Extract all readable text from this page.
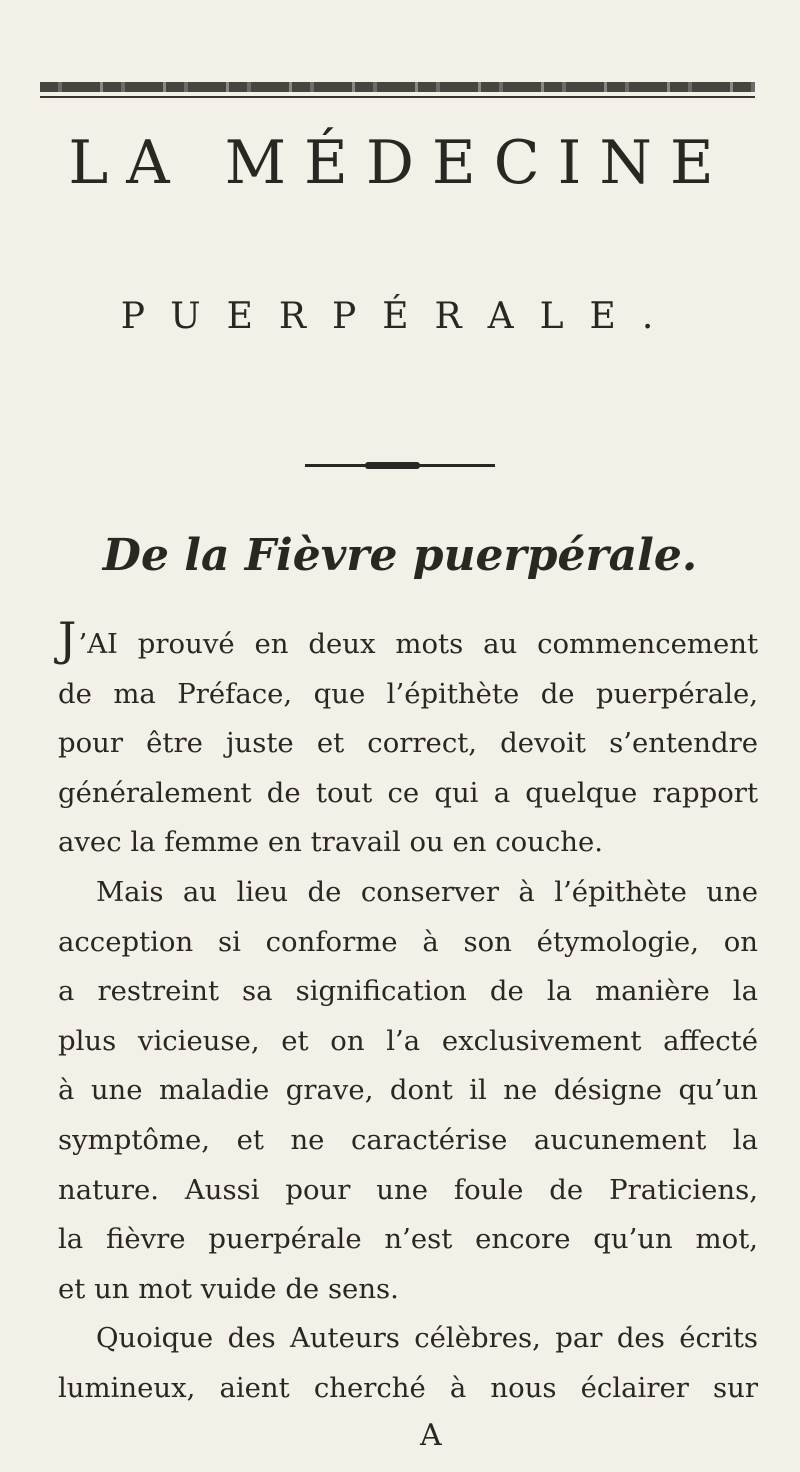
LA MÉDECINE
PUERPÉRALE.
De la Fièvre puerpérale.
J’AI prouvé en deux mots au commencement
de ma Préface, que l’épithète de puerpérale,
pour être juste et correct, devoit s’entendre
généralement de tout ce qui a quelque rapport
avec la femme en travail ou en couche.
Mais au lieu de conserver à l’épithète une
acception si conforme à son étymologie, on
a restreint sa signification de la manière la
plus vicieuse, et on l’a exclusivement affecté
à une maladie grave, dont il ne désigne qu’un
symptôme, et ne caractérise aucunement la
nature. Aussi pour une foule de Praticiens,
la fièvre puerpérale n’est encore qu’un mot,
et un mot vuide de sens.
Quoique des Auteurs célèbres, par des écrits
lumineux, aient cherché à nous éclairer sur
A
